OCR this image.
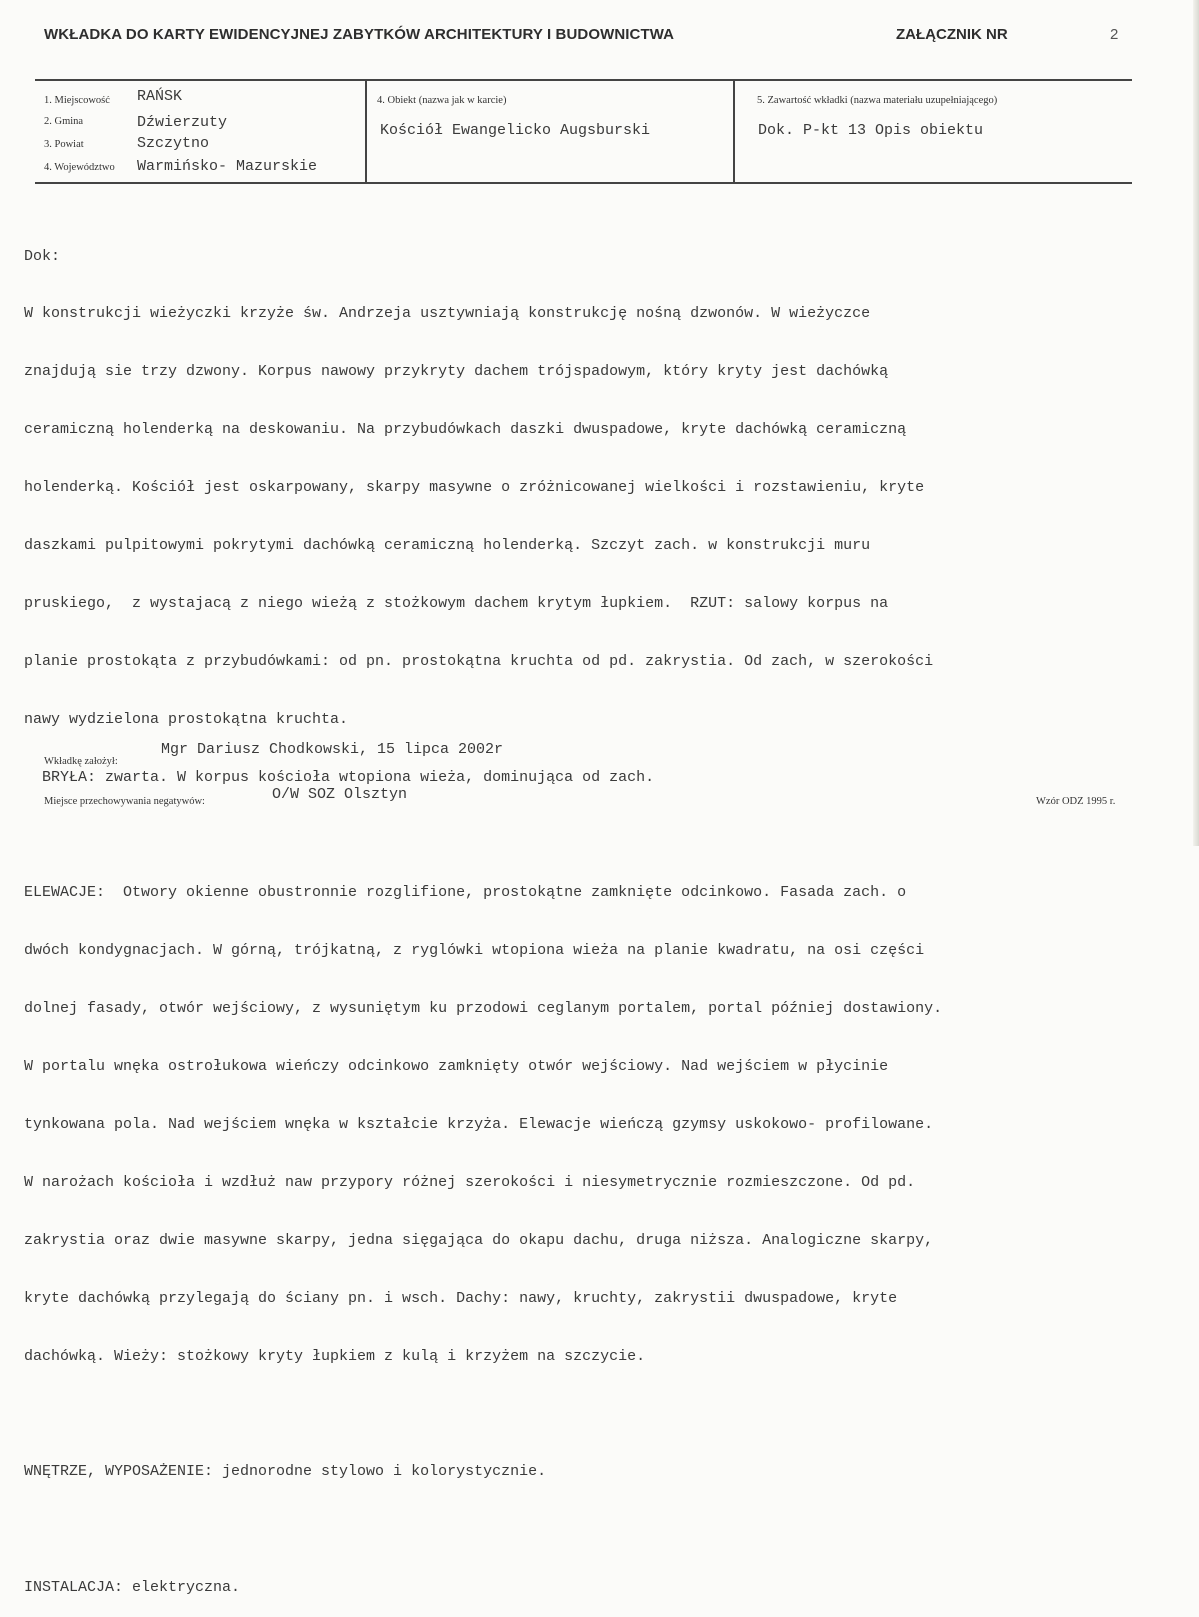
WKŁADKA DO KARTY EWIDENCYJNEJ ZABYTKÓW ARCHITEKTURY I BUDOWNICTWA	ZAŁĄCZNIK NR	2
1. Miejscowość RAŃSK
2. Gmina	Dźwierzuty
3. Powiat	Szczytno
4. Województwo Warmińsko- Mazurskie
4. Obiekt (nazwa jak w karcie)
Kościół Ewangelicko Augsburski
5. Zawartość wkładki (nazwa materiału uzupełniającego)
Dok. P-kt 13 Opis obiektu

Dok:

W konstrukcji wieżyczki krzyże św. Andrzeja usztywniają konstrukcję nośną dzwonów. W wieżyczce

znajdują sie trzy dzwony. Korpus nawowy przykryty dachem trójspadowym, który kryty jest dachówką

ceramiczną holenderką na deskowaniu. Na przybudówkach daszki dwuspadowe, kryte dachówką ceramiczną

holenderką. Kościół jest oskarpowany, skarpy masywne o zróżnicowanej wielkości i rozstawieniu, kryte

daszkami pulpitowymi pokrytymi dachówką ceramiczną holenderką. Szczyt zach. w konstrukcji muru

pruskiego,  z wystajacą z niego wieżą z stożkowym dachem krytym łupkiem.  RZUT: salowy korpus na

planie prostokąta z przybudówkami: od pn. prostokątna kruchta od pd. zakrystia. Od zach, w szerokości

nawy wydzielona prostokątna kruchta.

BRYŁA: zwarta. W korpus kościoła wtopiona wieża, dominująca od zach.

ELEWACJE:  Otwory okienne obustronnie rozglifione, prostokątne zamknięte odcinkowo. Fasada zach. o

dwóch kondygnacjach. W górną, trójkatną, z ryglówki wtopiona wieża na planie kwadratu, na osi części

dolnej fasady, otwór wejściowy, z wysuniętym ku przodowi ceglanym portalem, portal później dostawiony.

W portalu wnęka ostrołukowa wieńczy odcinkowo zamknięty otwór wejściowy. Nad wejściem w płycinie

tynkowana pola. Nad wejściem wnęka w kształcie krzyża. Elewacje wieńczą gzymsy uskokowo- profilowane.

W narożach kościoła i wzdłuż naw przypory różnej szerokości i niesymetrycznie rozmieszczone. Od pd.

zakrystia oraz dwie masywne skarpy, jedna sięgająca do okapu dachu, druga niższa. Analogiczne skarpy,

kryte dachówką przylegają do ściany pn. i wsch. Dachy: nawy, kruchty, zakrystii dwuspadowe, kryte

dachówką. Wieży: stożkowy kryty łupkiem z kulą i krzyżem na szczycie.

WNĘTRZE, WYPOSAŻENIE: jednorodne stylowo i kolorystycznie.

INSTALACJA: elektryczna.

Wkładkę założył:
Mgr Dariusz Chodkowski, 15 lipca 2002r
Miejsce przechowywania negatywów:	O/W SOZ Olsztyn	Wzór ODZ 1995 r.
